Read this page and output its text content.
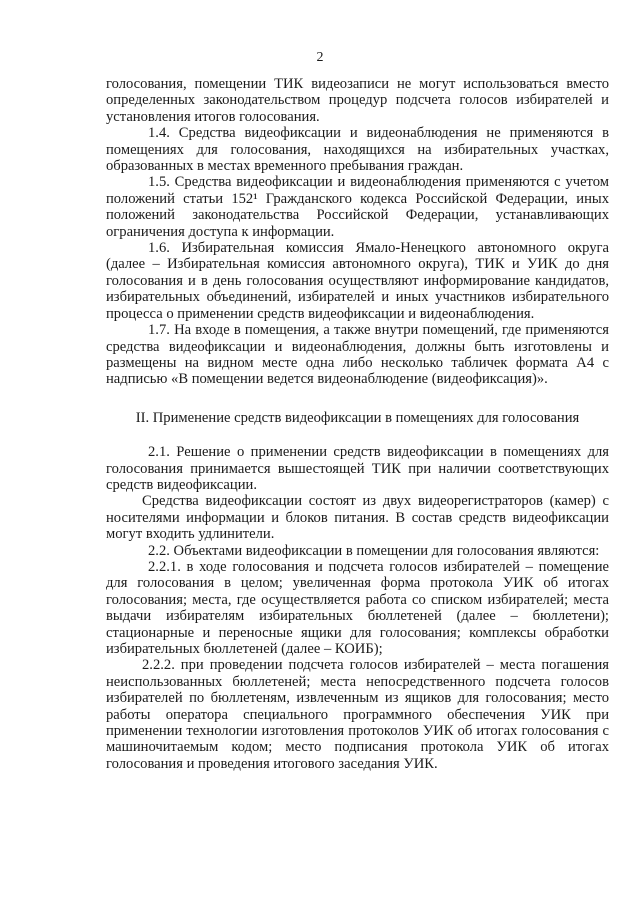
2

голосования, помещении ТИК видеозаписи не могут использоваться вместо определенных законодательством процедур подсчета голосов избирателей и установления итогов голосования.

1.4. Средства видеофиксации и видеонаблюдения не применяются в помещениях для голосования, находящихся на избирательных участках, образованных в местах временного пребывания граждан.

1.5. Средства видеофиксации и видеонаблюдения применяются с учетом положений статьи 152¹ Гражданского кодекса Российской Федерации, иных положений законодательства Российской Федерации, устанавливающих ограничения доступа к информации.

1.6. Избирательная комиссия Ямало-Ненецкого автономного округа (далее – Избирательная комиссия автономного округа), ТИК и УИК до дня голосования и в день голосования осуществляют информирование кандидатов, избирательных объединений, избирателей и иных участников избирательного процесса о применении средств видеофиксации и видеонаблюдения.

1.7. На входе в помещения, а также внутри помещений, где применяются средства видеофиксации и видеонаблюдения, должны быть изготовлены и размещены на видном месте одна либо несколько табличек формата А4 с надписью «В помещении ведется видеонаблюдение (видеофиксация)».

II. Применение средств видеофиксации в помещениях для голосования

2.1. Решение о применении средств видеофиксации в помещениях для голосования принимается вышестоящей ТИК при наличии соответствующих средств видеофиксации.

Средства видеофиксации состоят из двух видеорегистраторов (камер) с носителями информации и блоков питания. В состав средств видеофиксации могут входить удлинители.

2.2. Объектами видеофиксации в помещении для голосования являются:

2.2.1. в ходе голосования и подсчета голосов избирателей – помещение для голосования в целом; увеличенная форма протокола УИК об итогах голосования; места, где осуществляется работа со списком избирателей; места выдачи избирателям избирательных бюллетеней (далее – бюллетени); стационарные и переносные ящики для голосования; комплексы обработки избирательных бюллетеней (далее – КОИБ);

2.2.2. при проведении подсчета голосов избирателей – места погашения неиспользованных бюллетеней; места непосредственного подсчета голосов избирателей по бюллетеням, извлеченным из ящиков для голосования; место работы оператора специального программного обеспечения УИК при применении технологии изготовления протоколов УИК об итогах голосования с машиночитаемым кодом; место подписания протокола УИК об итогах голосования и проведения итогового заседания УИК.
